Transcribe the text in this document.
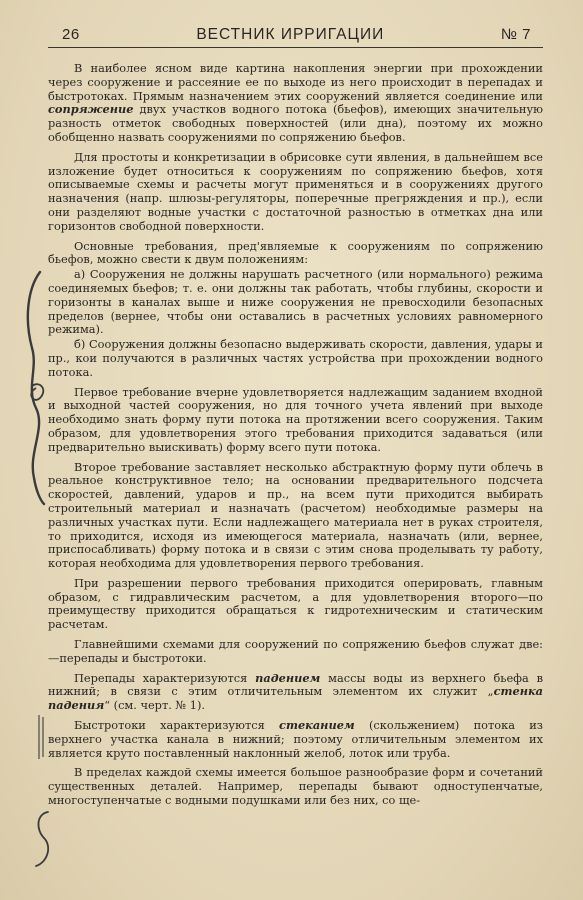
26	ВЕСТНИК ИРРИГАЦИИ	№ 7

В наиболее ясном виде картина накопления энергии при прохождении через сооружение и рассеяние ее по выходе из него происходит в перепадах и быстротоках. Прямым назначением этих сооружений является соединение или сопряжение двух участков водного потока (бьефов), имеющих значительную разность отметок свободных поверхностей (или дна), поэтому их можно обобщенно назвать сооружениями по сопряжению бьефов.

Для простоты и конкретизации в обрисовке сути явления, в дальнейшем все изложение будет относиться к сооружениям по сопряжению бьефов, хотя описываемые схемы и расчеты могут применяться и в сооружениях другого назначения (напр. шлюзы-регуляторы, поперечные прегряждения и пр.), если они разделяют водные участки с достаточной разностью в отметках дна или горизонтов свободной поверхности.

Основные требования, пред'являемые к сооружениям по сопряжению бьефов, можно свести к двум положениям:

а) Сооружения не должны нарушать расчетного (или нормального) режима соединяемых бьефов; т. е. они должны так работать, чтобы глубины, скорости и горизонты в каналах выше и ниже сооружения не превосходили безопасных пределов (вернее, чтобы они оставались в расчетных условиях равномерного режима).

б) Сооружения должны безопасно выдерживать скорости, давления, удары и пр., кои получаются в различных частях устройства при прохождении водного потока.

Первое требование вчерне удовлетворяется надлежащим заданием входной и выходной частей сооружения, но для точного учета явлений при выходе необходимо знать форму пути потока на протяжении всего сооружения. Таким образом, для удовлетворения этого требования приходится задаваться (или предварительно выискивать) форму всего пути потока.

Второе требование заставляет несколько абстрактную форму пути облечь в реальное конструктивное тело; на основании предварительного подсчета скоростей, давлений, ударов и пр., на всем пути приходится выбирать строительный материал и назначать (расчетом) необходимые размеры на различных участках пути. Если надлежащего материала нет в руках строителя, то приходится, исходя из имеющегося материала, назначать (или, вернее, приспосабливать) форму потока и в связи с этим снова проделывать ту работу, которая необходима для удовлетворения первого требования.

При разрешении первого требования приходится оперировать, главным образом, с гидравлическим расчетом, а для удовлетворения второго—по преимуществу приходится обращаться к гидротехническим и статическим расчетам.

Главнейшими схемами для сооружений по сопряжению бьефов служат две:—перепады и быстротоки.

Перепады характеризуются падением массы воды из верхнего бьефа в нижний; в связи с этим отличительным элементом их служит „стенка падения“ (см. черт. № 1).

Быстротоки характеризуются стеканием (скольжением) потока из верхнего участка канала в нижний; поэтому отличительным элементом их является круто поставленный наклонный желоб, лоток или труба.

В пределах каждой схемы имеется большое разнообразие форм и сочетаний существенных деталей. Например, перепады бывают одноступенчатые, многоступенчатые с водными подушками или без них, со ще-
